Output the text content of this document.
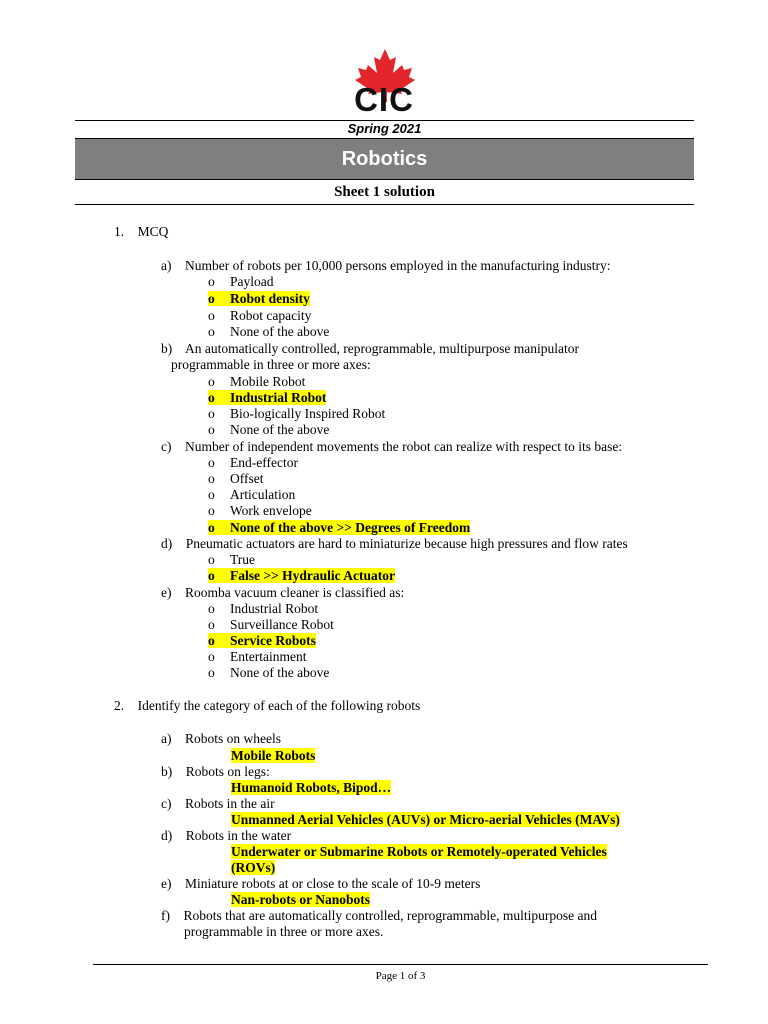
CIC
Spring 2021
Robotics
Sheet 1 solution
1. MCQ
a) Number of robots per 10,000 persons employed in the manufacturing industry:
o Payload
o Robot density
o Robot capacity
o None of the above
b)    An automatically controlled, reprogrammable, multipurpose manipulator
programmable in three or more axes:
o Mobile Robot
o Industrial Robot
o Bio-logically Inspired Robot
o None of the above
c) Number of independent movements the robot can realize with respect to its base:
o End-effector
o Offset
o Articulation
o Work envelope
o None of the above >> Degrees of Freedom
d) Pneumatic actuators are hard to miniaturize because high pressures and flow rates
o True
o False >> Hydraulic Actuator
e) Roomba vacuum cleaner is classified as:
o Industrial Robot
o Surveillance Robot
o Service Robots
o Entertainment
o None of the above
2. Identify the category of each of the following robots
a) Robots on wheels
Mobile Robots
b) Robots on legs:
Humanoid Robots, Bipod…
c) Robots in the air
Unmanned Aerial Vehicles (AUVs) or Micro-aerial Vehicles (MAVs)
d) Robots in the water
Underwater or Submarine Robots or Remotely-operated Vehicles
(ROVs)
e) Miniature robots at or close to the scale of 10-9 meters
Nan-robots or Nanobots
f) Robots that are automatically controlled, reprogrammable, multipurpose and
programmable in three or more axes.
Page 1 of 3
